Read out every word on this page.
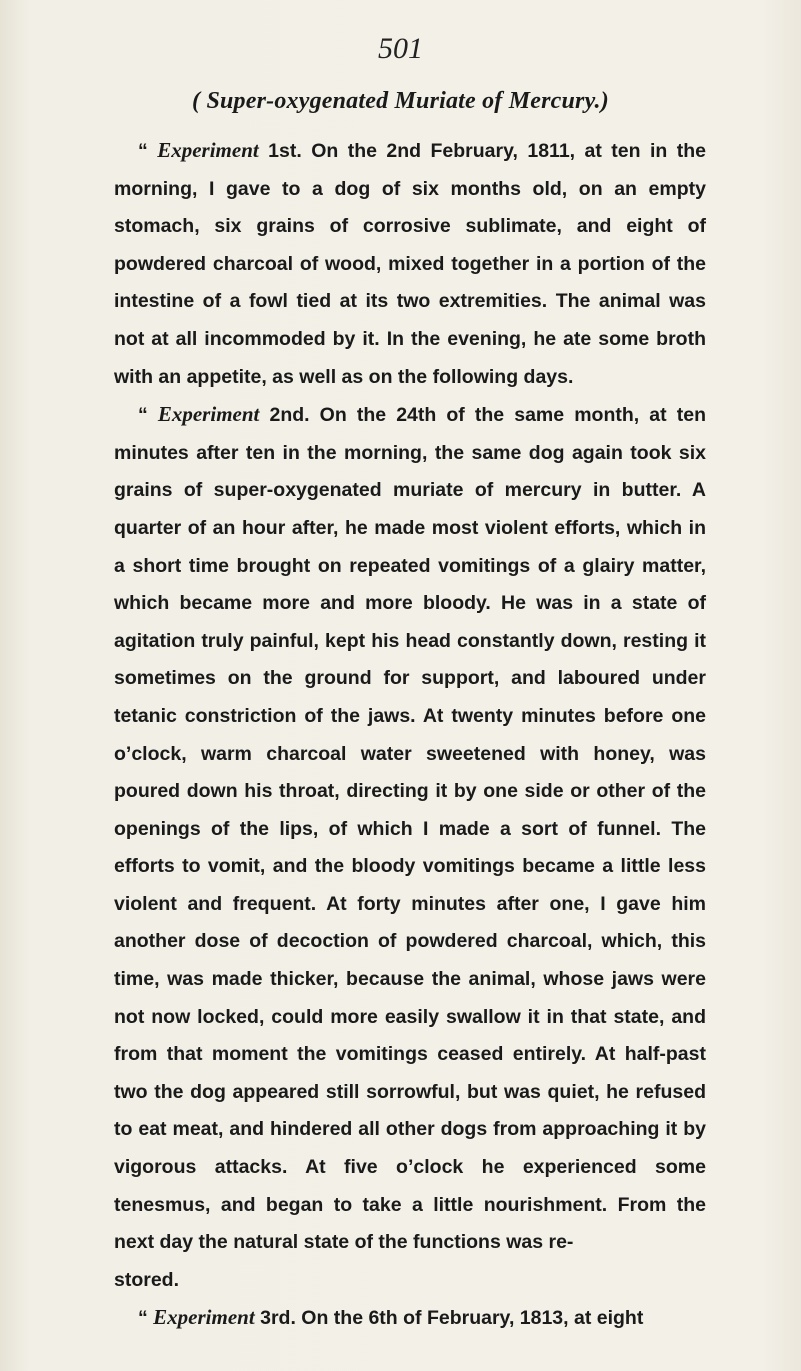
501
( Super-oxygenated Muriate of Mercury.)

“ Experiment 1st. On the 2nd February, 1811, at ten in the morning, I gave to a dog of six months old, on an empty stomach, six grains of corrosive sublimate, and eight of powdered charcoal of wood, mixed together in a portion of the intestine of a fowl tied at its two extremities. The animal was not at all incommoded by it. In the evening, he ate some broth with an appetite, as well as on the following days.

“ Experiment 2nd. On the 24th of the same month, at ten minutes after ten in the morning, the same dog again took six grains of super-oxygenated muriate of mercury in butter. A quarter of an hour after, he made most violent efforts, which in a short time brought on repeated vomitings of a glairy matter, which became more and more bloody. He was in a state of agitation truly painful, kept his head constantly down, resting it sometimes on the ground for support, and laboured under tetanic constriction of the jaws. At twenty minutes before one o’clock, warm charcoal water sweetened with honey, was poured down his throat, directing it by one side or other of the openings of the lips, of which I made a sort of funnel. The efforts to vomit, and the bloody vomitings became a little less violent and frequent. At forty minutes after one, I gave him another dose of decoction of powdered charcoal, which, this time, was made thicker, because the animal, whose jaws were not now locked, could more easily swallow it in that state, and from that moment the vomitings ceased entirely. At half-past two the dog appeared still sorrowful, but was quiet, he refused to eat meat, and hindered all other dogs from approaching it by vigorous attacks. At five o’clock he experienced some tenesmus, and began to take a little nourishment. From the next day the natural state of the functions was re-

stored.

“ Experiment 3rd. On the 6th of February, 1813, at eight
